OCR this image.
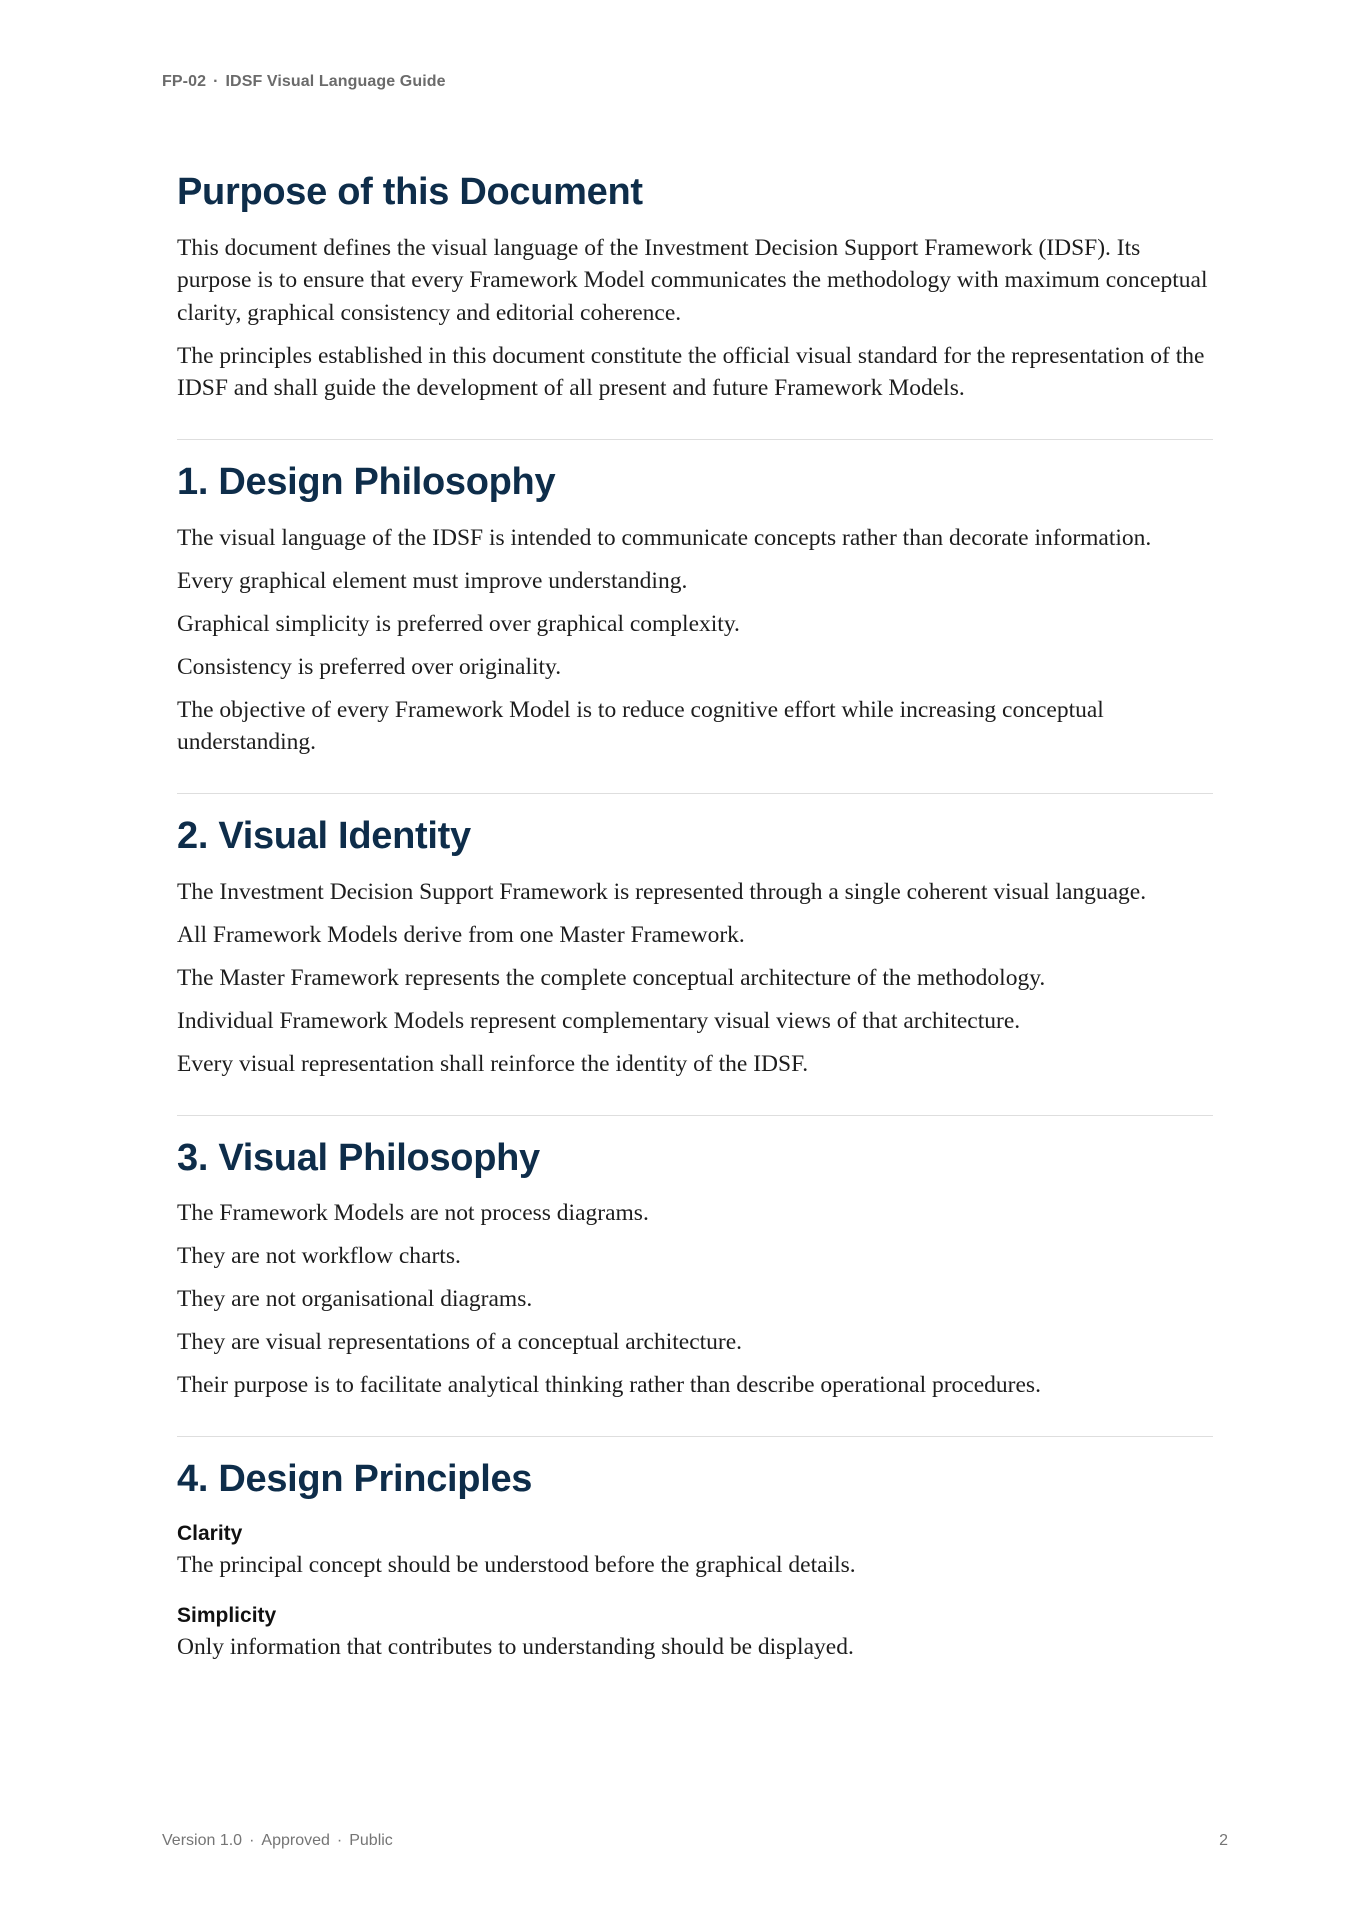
FP-02 · IDSF Visual Language Guide
Purpose of this Document

This document defines the visual language of the Investment Decision Support Framework (IDSF). Its purpose is to ensure that every Framework Model communicates the methodology with maximum conceptual clarity, graphical consistency and editorial coherence.

The principles established in this document constitute the official visual standard for the representation of the IDSF and shall guide the development of all present and future Framework Models.

1. Design Philosophy

The visual language of the IDSF is intended to communicate concepts rather than decorate information.

Every graphical element must improve understanding.

Graphical simplicity is preferred over graphical complexity.

Consistency is preferred over originality.

The objective of every Framework Model is to reduce cognitive effort while increasing conceptual understanding.

2. Visual Identity

The Investment Decision Support Framework is represented through a single coherent visual language.

All Framework Models derive from one Master Framework.

The Master Framework represents the complete conceptual architecture of the methodology.

Individual Framework Models represent complementary visual views of that architecture.

Every visual representation shall reinforce the identity of the IDSF.

3. Visual Philosophy

The Framework Models are not process diagrams.

They are not workflow charts.

They are not organisational diagrams.

They are visual representations of a conceptual architecture.

Their purpose is to facilitate analytical thinking rather than describe operational procedures.

4. Design Principles
Clarity
The principal concept should be understood before the graphical details.
Simplicity
Only information that contributes to understanding should be displayed.
Version 1.0 · Approved · Public	2
